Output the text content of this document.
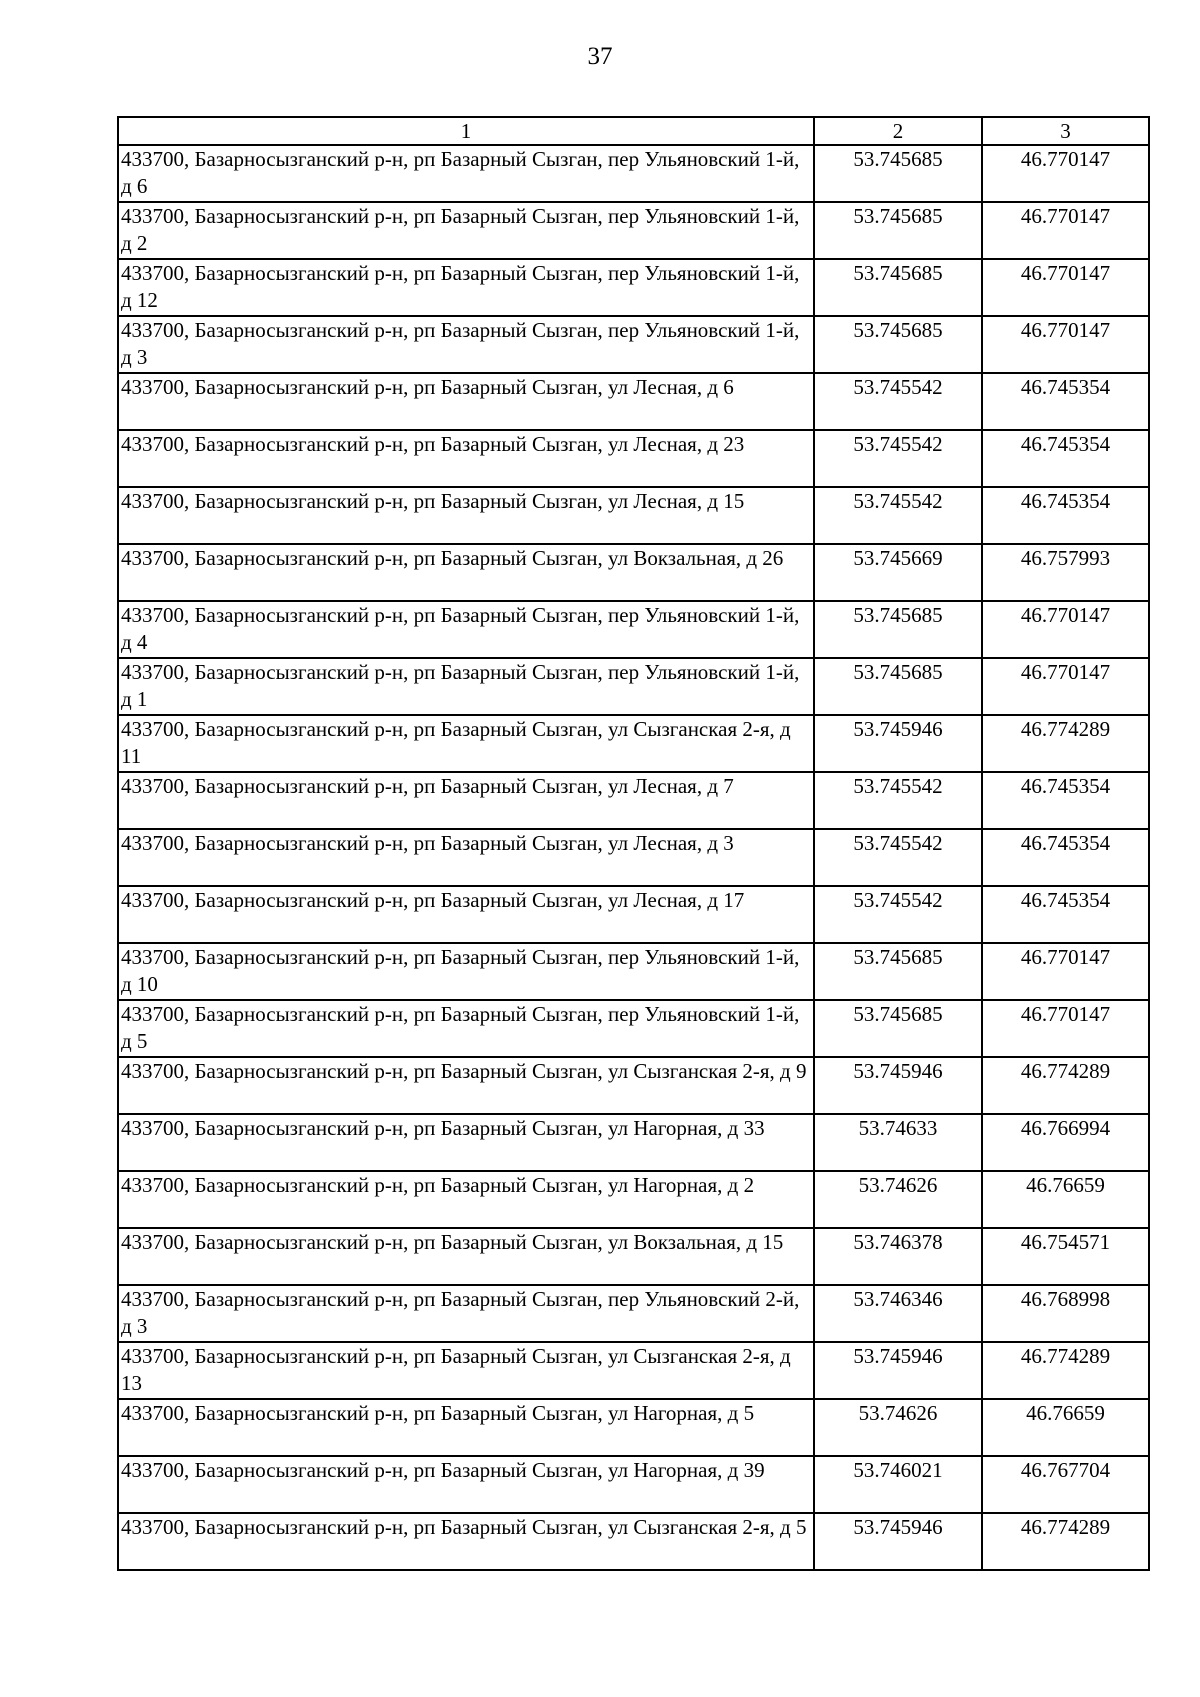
37
1	2	3
433700, Базарносызганский р-н, рп Базарный Сызган, пер Ульяновский 1-й, д 6	53.745685	46.770147
433700, Базарносызганский р-н, рп Базарный Сызган, пер Ульяновский 1-й, д 2	53.745685	46.770147
433700, Базарносызганский р-н, рп Базарный Сызган, пер Ульяновский 1-й, д 12	53.745685	46.770147
433700, Базарносызганский р-н, рп Базарный Сызган, пер Ульяновский 1-й, д 3	53.745685	46.770147
433700, Базарносызганский р-н, рп Базарный Сызган, ул Лесная, д 6	53.745542	46.745354
433700, Базарносызганский р-н, рп Базарный Сызган, ул Лесная, д 23	53.745542	46.745354
433700, Базарносызганский р-н, рп Базарный Сызган, ул Лесная, д 15	53.745542	46.745354
433700, Базарносызганский р-н, рп Базарный Сызган, ул Вокзальная, д 26	53.745669	46.757993
433700, Базарносызганский р-н, рп Базарный Сызган, пер Ульяновский 1-й, д 4	53.745685	46.770147
433700, Базарносызганский р-н, рп Базарный Сызган, пер Ульяновский 1-й, д 1	53.745685	46.770147
433700, Базарносызганский р-н, рп Базарный Сызган, ул Сызганская 2-я, д 11	53.745946	46.774289
433700, Базарносызганский р-н, рп Базарный Сызган, ул Лесная, д 7	53.745542	46.745354
433700, Базарносызганский р-н, рп Базарный Сызган, ул Лесная, д 3	53.745542	46.745354
433700, Базарносызганский р-н, рп Базарный Сызган, ул Лесная, д 17	53.745542	46.745354
433700, Базарносызганский р-н, рп Базарный Сызган, пер Ульяновский 1-й, д 10	53.745685	46.770147
433700, Базарносызганский р-н, рп Базарный Сызган, пер Ульяновский 1-й, д 5	53.745685	46.770147
433700, Базарносызганский р-н, рп Базарный Сызган, ул Сызганская 2-я, д 9	53.745946	46.774289
433700, Базарносызганский р-н, рп Базарный Сызган, ул Нагорная, д 33	53.74633	46.766994
433700, Базарносызганский р-н, рп Базарный Сызган, ул Нагорная, д 2	53.74626	46.76659
433700, Базарносызганский р-н, рп Базарный Сызган, ул Вокзальная, д 15	53.746378	46.754571
433700, Базарносызганский р-н, рп Базарный Сызган, пер Ульяновский 2-й, д 3	53.746346	46.768998
433700, Базарносызганский р-н, рп Базарный Сызган, ул Сызганская 2-я, д 13	53.745946	46.774289
433700, Базарносызганский р-н, рп Базарный Сызган, ул Нагорная, д 5	53.74626	46.76659
433700, Базарносызганский р-н, рп Базарный Сызган, ул Нагорная, д 39	53.746021	46.767704
433700, Базарносызганский р-н, рп Базарный Сызган, ул Сызганская 2-я, д 5	53.745946	46.774289
